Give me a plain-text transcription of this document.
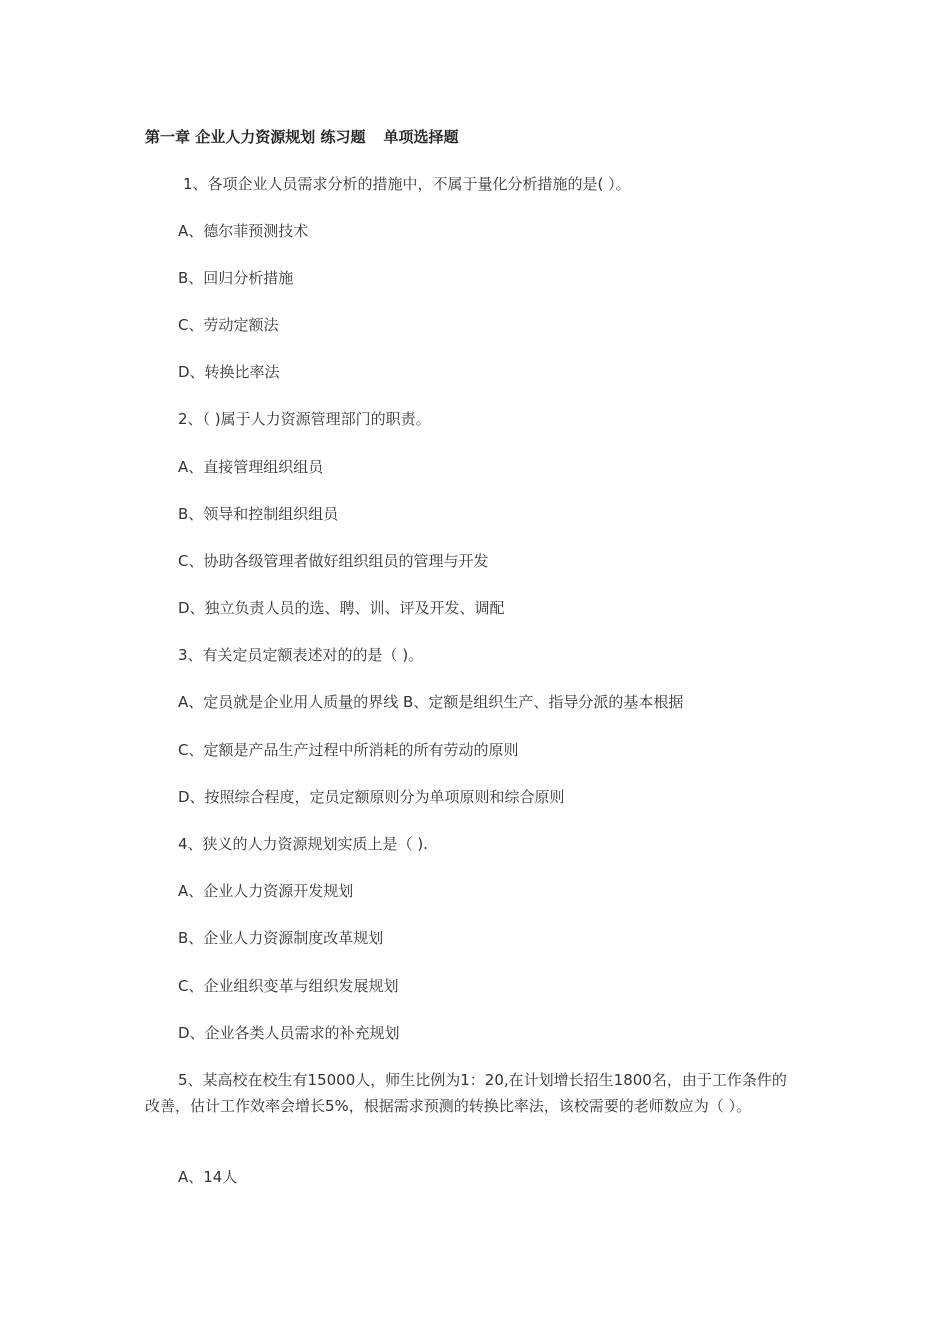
第一章 企业人力资源规划 练习题 单项选择题
1、各项企业人员需求分析的措施中，不属于量化分析措施的是( ）。
A、德尔菲预测技术
B、回归分析措施
C、劳动定额法
D、转换比率法
2、（ )属于人力资源管理部门的职责。
A、直接管理组织组员
B、领导和控制组织组员
C、协助各级管理者做好组织组员的管理与开发
D、独立负责人员的选、聘、训、评及开发、调配
3、有关定员定额表述对的的是（ )。
A、定员就是企业用人质量的界线 B、定额是组织生产、指导分派的基本根据
C、定额是产品生产过程中所消耗的所有劳动的原则
D、按照综合程度，定员定额原则分为单项原则和综合原则
4、狭义的人力资源规划实质上是（ ).
A、企业人力资源开发规划
B、企业人力资源制度改革规划
C、企业组织变革与组织发展规划
D、企业各类人员需求的补充规划
5、某高校在校生有15000人，师生比例为1：20,在计划增长招生1800名，由于工作条件的改善，估计工作效率会增长5%，根据需求预测的转换比率法，该校需要的老师数应为（ ）。
A、14人
